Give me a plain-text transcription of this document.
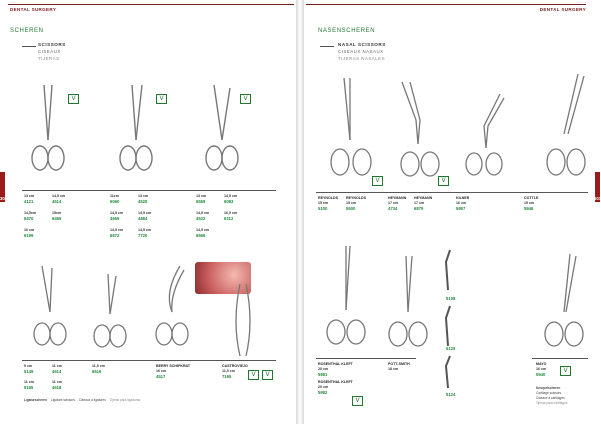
DENTAL SURGERY
SCHEREN
SCISSORS
CISEAUX
TIJERAS
302
V	V	V
13 cm	14,5 cm
4121	4514
14,5cm	15cm
6470	6465
16 cm
6199
11cm	13 cm
6060	4520
14,5 cm	14,5 cm
4659	4884
14,5 cm	14,5 cm
6672	7720
13 cm	14,5 cm
6559	6083
14,5 cm	16,5 cm
4522	6312
14,5 cm
6566
9 cm	11 cm
5149	4514
11 cm	11 cm
5165	4518
11,5 cm
6516
BERRY SCHIPKRAT
16 cm
4517
CASTROVIEJO
11,5 cm
7165	V	V
Ligaturscheren Ligature scissors Ciseaux à ligatures Tijeras para ligaduras
DENTAL SURGERY
NASENSCHEREN
NASAL SCISSORS
CISEAUX NASAUX
TIJERAS NASALES
303
V	V
REYNOLDS
15 cm
5100
REYNOLDS
15 cm
5500
HEYMANN
17 cm
4734
HEYMANN
17 cm
6879
KILNER
16 cm
5957
COTTLE
15 cm
5946
5108
5125
5124
ROSENTHAL KLEFT
20 cm
5981
ROSENTHAL KLEFT
20 cm
5982
V
POTT-SMITH
18 cm
MAYO
16 cm
5940
V
Knorpelscheren
Cartilage scissors
Ciseaux à cartilages
Tijeras para cartílagos
